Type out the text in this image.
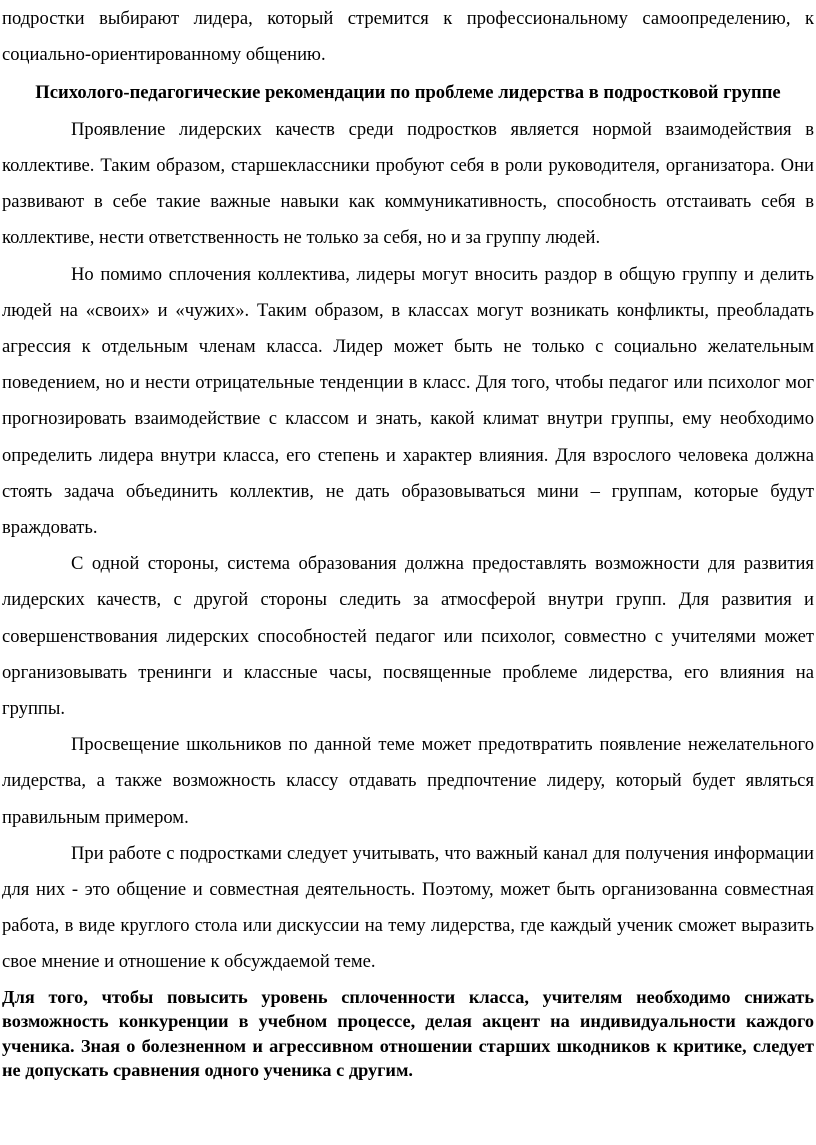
подростки выбирают лидера, который стремится к профессиональному самоопределению, к социально-ориентированному общению.

Психолого-педагогические рекомендации по проблеме лидерства в подростковой группе

Проявление лидерских качеств среди подростков является нормой взаимодействия в коллективе. Таким образом, старшеклассники пробуют себя в роли руководителя, организатора. Они развивают в себе такие важные навыки как коммуникативность, способность отстаивать себя в коллективе, нести ответственность не только за себя, но и за группу людей.

Но помимо сплочения коллектива, лидеры могут вносить раздор в общую группу и делить людей на «своих» и «чужих». Таким образом, в классах могут возникать конфликты, преобладать агрессия к отдельным членам класса. Лидер может быть не только с социально желательным поведением, но и нести отрицательные тенденции в класс. Для того, чтобы педагог или психолог мог прогнозировать взаимодействие с классом и знать, какой климат внутри группы, ему необходимо определить лидера внутри класса, его степень и характер влияния. Для взрослого человека должна стоять задача объединить коллектив, не дать образовываться мини – группам, которые будут враждовать.

С одной стороны, система образования должна предоставлять возможности для развития лидерских качеств, с другой стороны следить за атмосферой внутри групп. Для развития и совершенствования лидерских способностей педагог или психолог, совместно с учителями может организовывать тренинги и классные часы, посвященные проблеме лидерства, его влияния на группы.

Просвещение школьников по данной теме может предотвратить появление нежелательного лидерства, а также возможность классу отдавать предпочтение лидеру, который будет являться правильным примером.

При работе с подростками следует учитывать, что важный канал для получения информации для них - это общение и совместная деятельность. Поэтому, может быть организованна совместная работа, в виде круглого стола или дискуссии на тему лидерства, где каждый ученик сможет выразить свое мнение и отношение к обсуждаемой теме.

Для того, чтобы повысить уровень сплоченности класса, учителям необходимо снижать возможность конкуренции в учебном процессе, делая акцент на индивидуальности каждого ученика. Зная о болезненном и агрессивном отношении старших шкодников к критике, следует не допускать сравнения одного ученика с другим.
